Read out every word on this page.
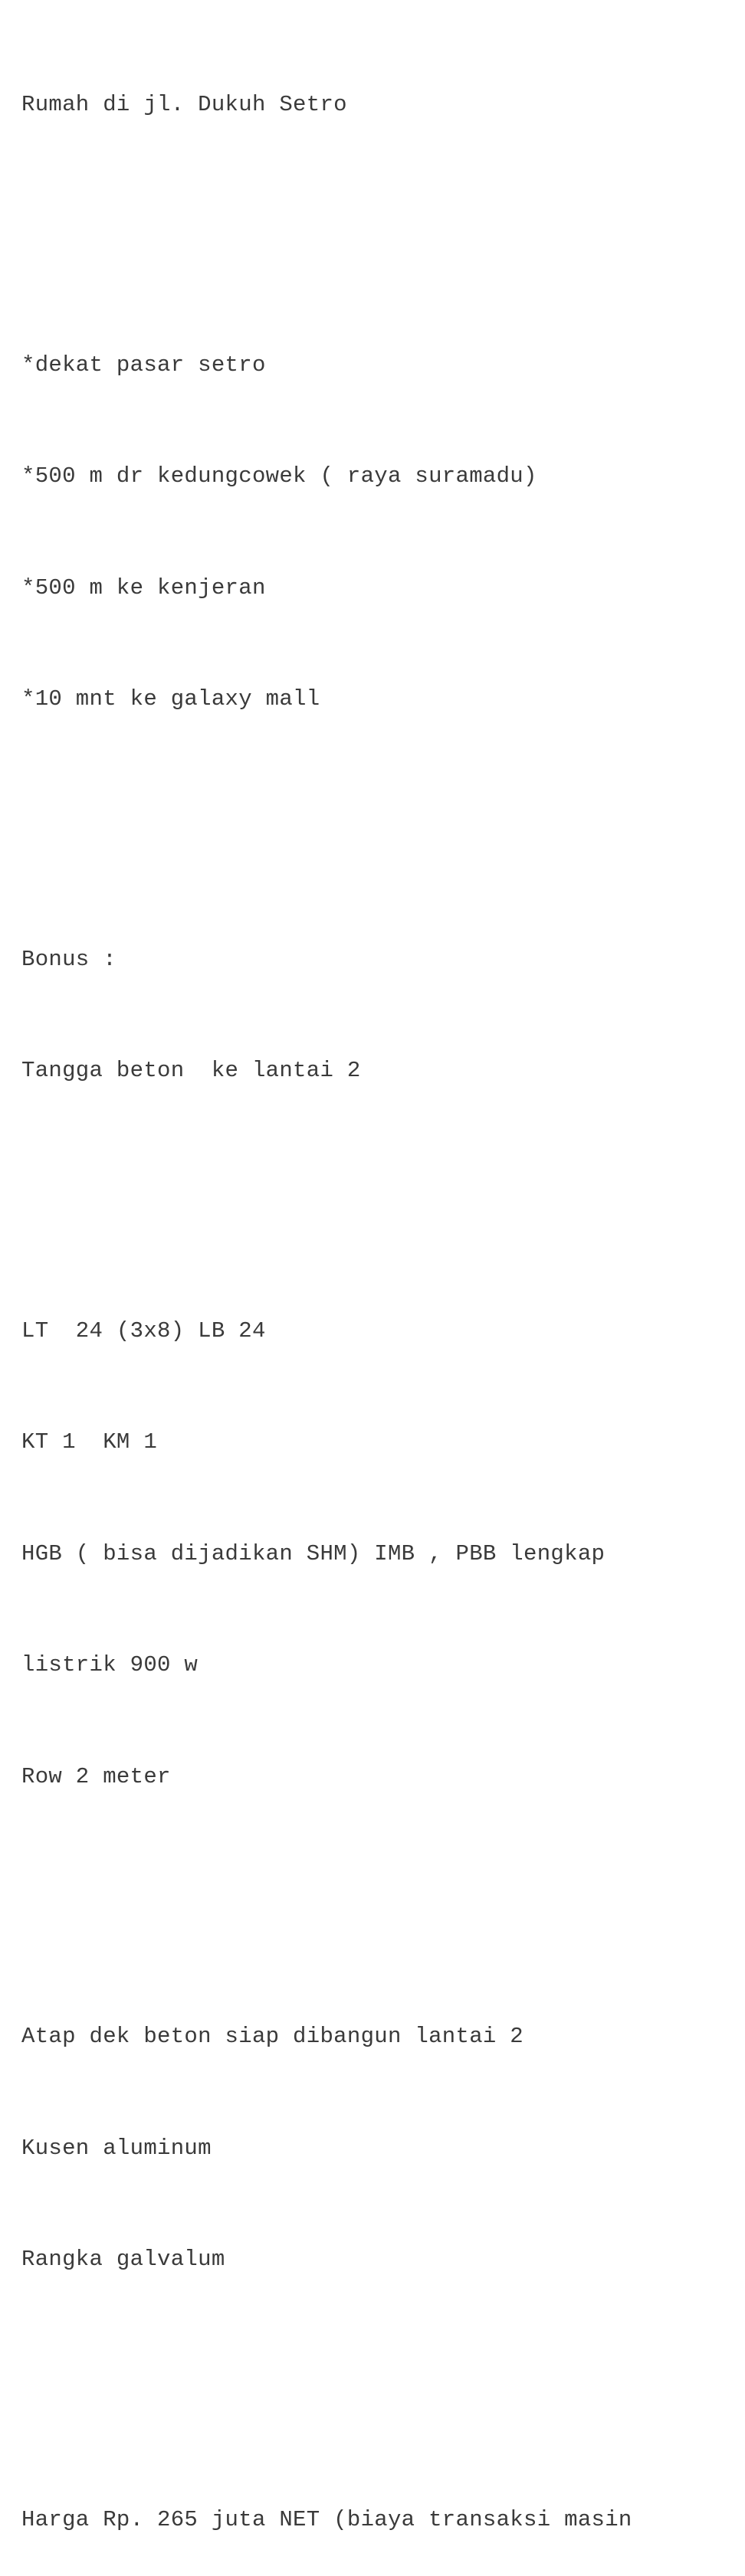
Rumah di jl. Dukuh Setro

*dekat pasar setro

*500 m dr kedungcowek ( raya suramadu)

*500 m ke kenjeran

*10 mnt ke galaxy mall

Bonus :

Tangga beton  ke lantai 2

LT  24 (3x8) LB 24

KT 1  KM 1

HGB ( bisa dijadikan SHM) IMB , PBB lengkap

listrik 900 w

Row 2 meter

Atap dek beton siap dibangun lantai 2

Kusen aluminum

Rangka galvalum

Harga Rp. 265 juta NET (biaya transaksi masin
